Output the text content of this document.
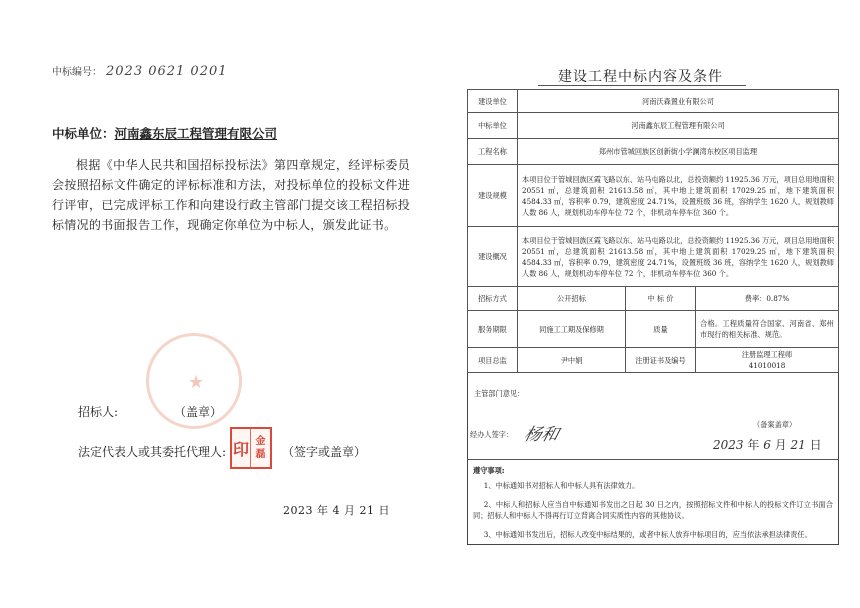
中标编号： 2023 0621 0201
中标单位：河南鑫东辰工程管理有限公司

根据《中华人民共和国招标投标法》第四章规定，经评标委员会按照招标文件确定的评标标准和方法，对投标单位的投标文件进行评审，已完成评标工作和向建设行政主管部门提交该工程招标投标情况的书面报告工作，现确定你单位为中标人，颁发此证书。

★
招标人:	（盖章）
印 金
磊
法定代表人或其委托代理人:	（签字或盖章）
2023 年 4 月 21 日
建设工程中标内容及条件
建设单位	河南沃森置业有限公司		
中标单位	河南鑫东辰工程管理有限公司		
工程名称	郑州市管城回族区创新街小学澜湾东校区项目监理		
建设规模	本项目位于管城回族区霞飞路以东、站马屯路以北，总投资额约 11925.36 万元，项目总用地面积 20551 ㎡，总建筑面积 21613.58 ㎡，其中地上建筑面积 17029.25 ㎡，地下建筑面积 4584.33 ㎡，容积率 0.79，建筑密度 24.71%，设置班级 36 班，容纳学生 1620 人，规划教师人数 86 人，规划机动车停车位 72 个，非机动车停车位 360 个。		
建设概况	本项目位于管城回族区霞飞路以东、站马屯路以北，总投资额约 11925.36 万元，项目总用地面积 20551 ㎡，总建筑面积 21613.58 ㎡，其中地上建筑面积 17029.25 ㎡，地下建筑面积 4584.33 ㎡，容积率 0.79，建筑密度 24.71%，设置班级 36 班，容纳学生 1620 人，规划教师人数 86 人，规划机动车停车位 72 个，非机动车停车位 360 个。		
招标方式	公开招标	中 标 价	费率：0.87%
服务期限	同施工工期及保修期	质量	合格。工程质量符合国家、河南省、郑州市现行的相关标准、规范。
项目总监	尹中娟	注册证书及编号	注册监理工程师
41010018
主管部门意见：
（备案盖章）
经办人签字： 杨和	2023 年 6 月 21 日
遵守事项:

1、中标通知书对招标人和中标人具有法律效力。

2、中标人和招标人应当自中标通知书发出之日起 30 日之内，按照招标文件和中标人的投标文件订立书面合同；招标人和中标人不得再行订立背离合同实质性内容的其他协议。

3、中标通知书发出后，招标人改变中标结果的，或者中标人放弃中标项目的，应当依法承担法律责任。
